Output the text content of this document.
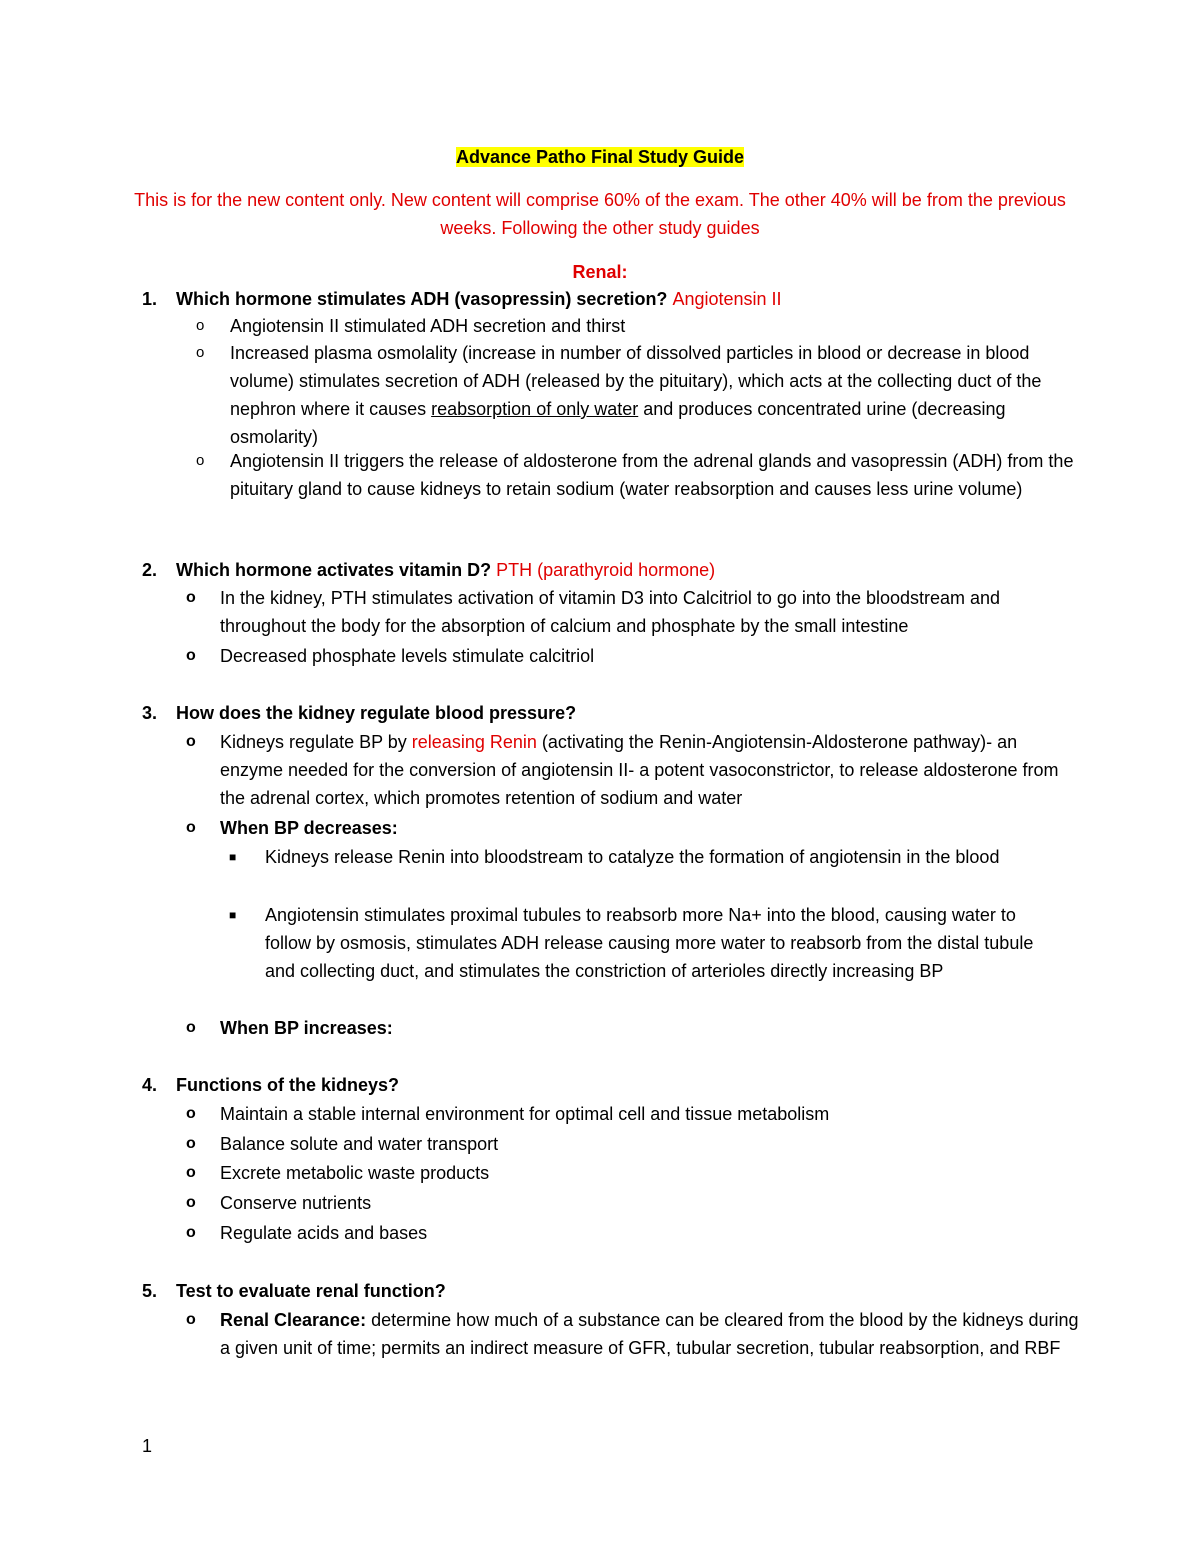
Advance Patho Final Study Guide
This is for the new content only. New content will comprise 60% of the exam. The other 40% will be from the previous weeks. Following the other study guides
Renal:
1. Which hormone stimulates ADH (vasopressin) secretion? Angiotensin II
o Angiotensin II stimulated ADH secretion and thirst
o Increased plasma osmolality (increase in number of dissolved particles in blood or decrease in blood volume) stimulates secretion of ADH (released by the pituitary), which acts at the collecting duct of the nephron where it causes reabsorption of only water and produces concentrated urine (decreasing osmolarity)
o Angiotensin II triggers the release of aldosterone from the adrenal glands and vasopressin (ADH) from the pituitary gland to cause kidneys to retain sodium (water reabsorption and causes less urine volume)
2. Which hormone activates vitamin D? PTH (parathyroid hormone)
o In the kidney, PTH stimulates activation of vitamin D3 into Calcitriol to go into the bloodstream and throughout the body for the absorption of calcium and phosphate by the small intestine
o Decreased phosphate levels stimulate calcitriol
3. How does the kidney regulate blood pressure?
o Kidneys regulate BP by releasing Renin (activating the Renin-Angiotensin-Aldosterone pathway)- an enzyme needed for the conversion of angiotensin II- a potent vasoconstrictor, to release aldosterone from the adrenal cortex, which promotes retention of sodium and water
o When BP decreases:
■ Kidneys release Renin into bloodstream to catalyze the formation of angiotensin in the blood
■ Angiotensin stimulates proximal tubules to reabsorb more Na+ into the blood, causing water to follow by osmosis, stimulates ADH release causing more water to reabsorb from the distal tubule and collecting duct, and stimulates the constriction of arterioles directly increasing BP
o When BP increases:
4. Functions of the kidneys?
o Maintain a stable internal environment for optimal cell and tissue metabolism
o Balance solute and water transport
o Excrete metabolic waste products
o Conserve nutrients
o Regulate acids and bases
5. Test to evaluate renal function?
o Renal Clearance: determine how much of a substance can be cleared from the blood by the kidneys during a given unit of time; permits an indirect measure of GFR, tubular secretion, tubular reabsorption, and RBF
1
